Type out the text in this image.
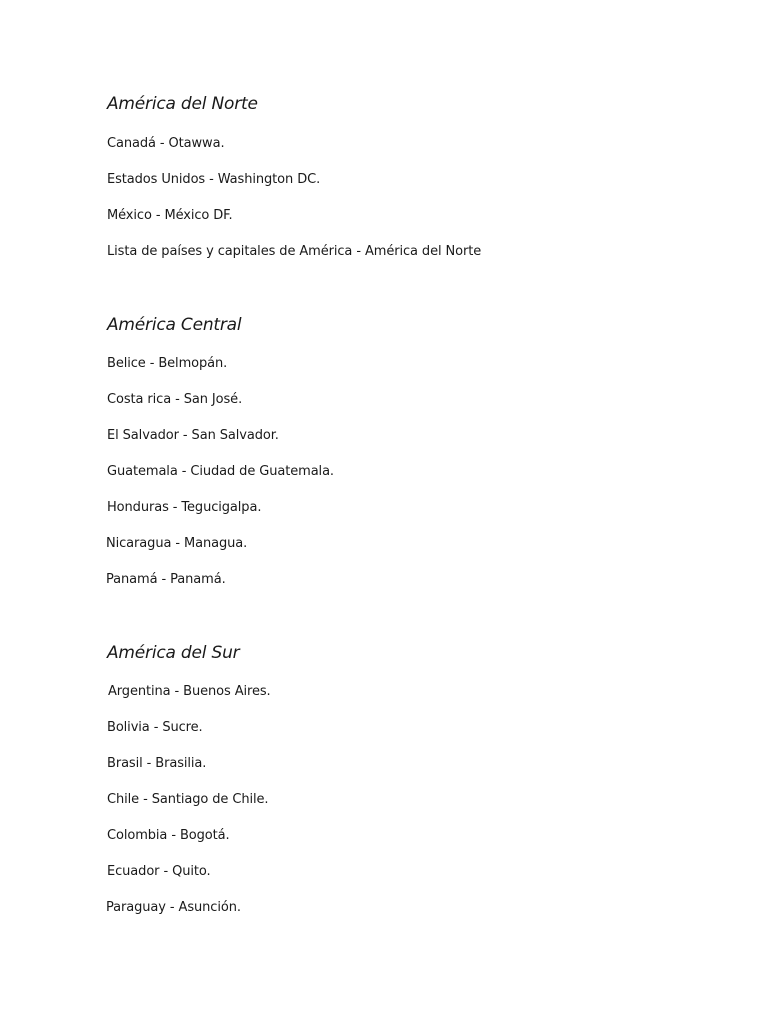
América del Norte

Canadá - Otawwa.

Estados Unidos - Washington DC.

México - México DF.

Lista de países y capitales de América - América del Norte

América Central

Belice - Belmopán.

Costa rica - San José.

El Salvador - San Salvador.

Guatemala - Ciudad de Guatemala.

Honduras - Tegucigalpa.

Nicaragua - Managua.

Panamá - Panamá.

América del Sur

Argentina - Buenos Aires.

Bolivia - Sucre.

Brasil - Brasilia.

Chile - Santiago de Chile.

Colombia - Bogotá.

Ecuador - Quito.

Paraguay - Asunción.
